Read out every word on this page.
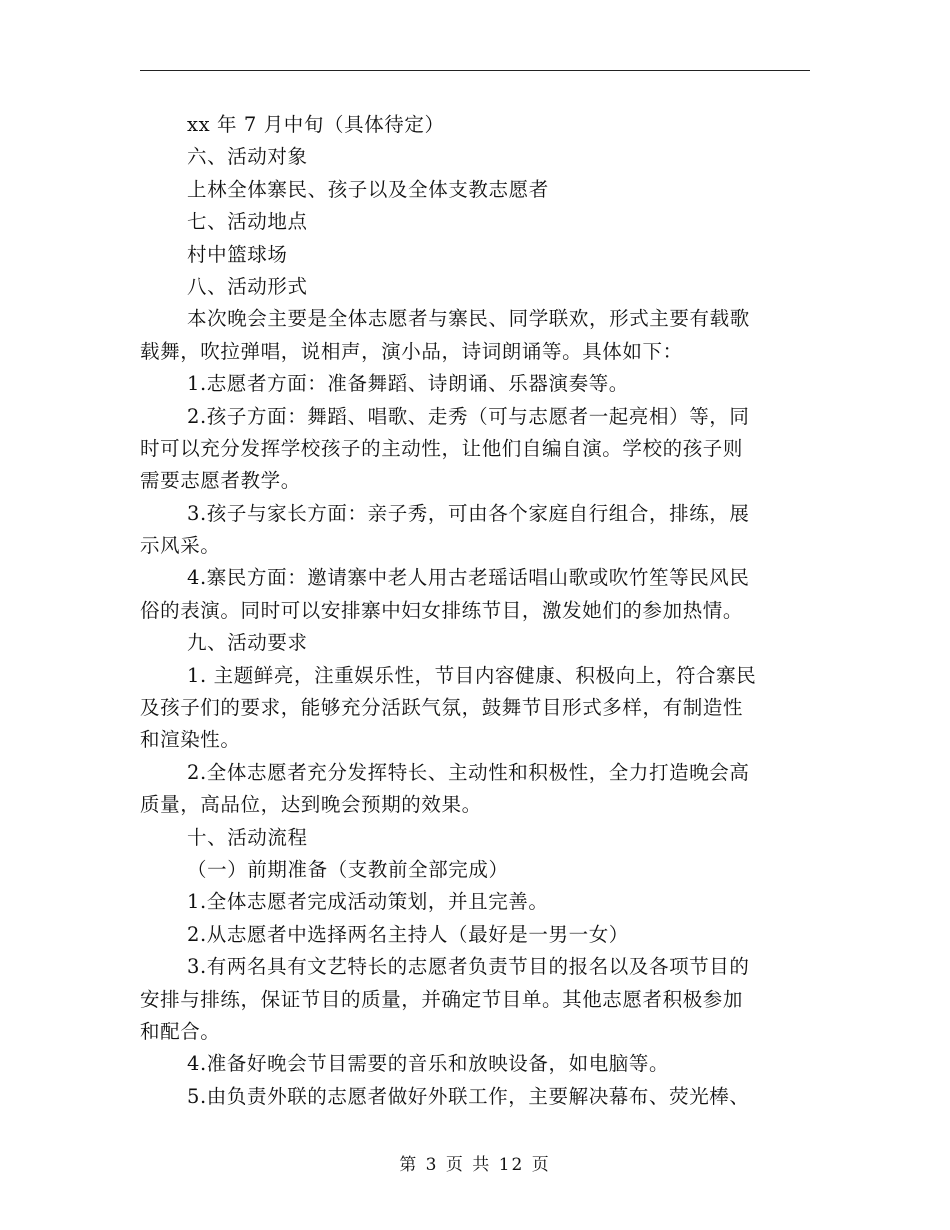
xx 年 7 月中旬（具体待定）
六、活动对象
上林全体寨民、孩子以及全体支教志愿者
七、活动地点
村中篮球场
八、活动形式
本次晚会主要是全体志愿者与寨民、同学联欢，形式主要有载歌
载舞，吹拉弹唱，说相声，演小品，诗词朗诵等。具体如下：
1.志愿者方面：准备舞蹈、诗朗诵、乐器演奏等。
2.孩子方面：舞蹈、唱歌、走秀（可与志愿者一起亮相）等，同
时可以充分发挥学校孩子的主动性，让他们自编自演。学校的孩子则
需要志愿者教学。
3.孩子与家长方面：亲子秀，可由各个家庭自行组合，排练，展
示风采。
4.寨民方面：邀请寨中老人用古老瑶话唱山歌或吹竹笙等民风民
俗的表演。同时可以安排寨中妇女排练节目，激发她们的参加热情。
九、活动要求
1. 主题鲜亮，注重娱乐性，节目内容健康、积极向上，符合寨民
及孩子们的要求，能够充分活跃气氛，鼓舞节目形式多样，有制造性
和渲染性。
2.全体志愿者充分发挥特长、主动性和积极性，全力打造晚会高
质量，高品位，达到晚会预期的效果。
十、活动流程
（一）前期准备（支教前全部完成）
1.全体志愿者完成活动策划，并且完善。
2.从志愿者中选择两名主持人（最好是一男一女）
3.有两名具有文艺特长的志愿者负责节目的报名以及各项节目的
安排与排练，保证节目的质量，并确定节目单。其他志愿者积极参加
和配合。
4.准备好晚会节目需要的音乐和放映设备，如电脑等。
5.由负责外联的志愿者做好外联工作，主要解决幕布、荧光棒、
第 3 页 共 12 页
